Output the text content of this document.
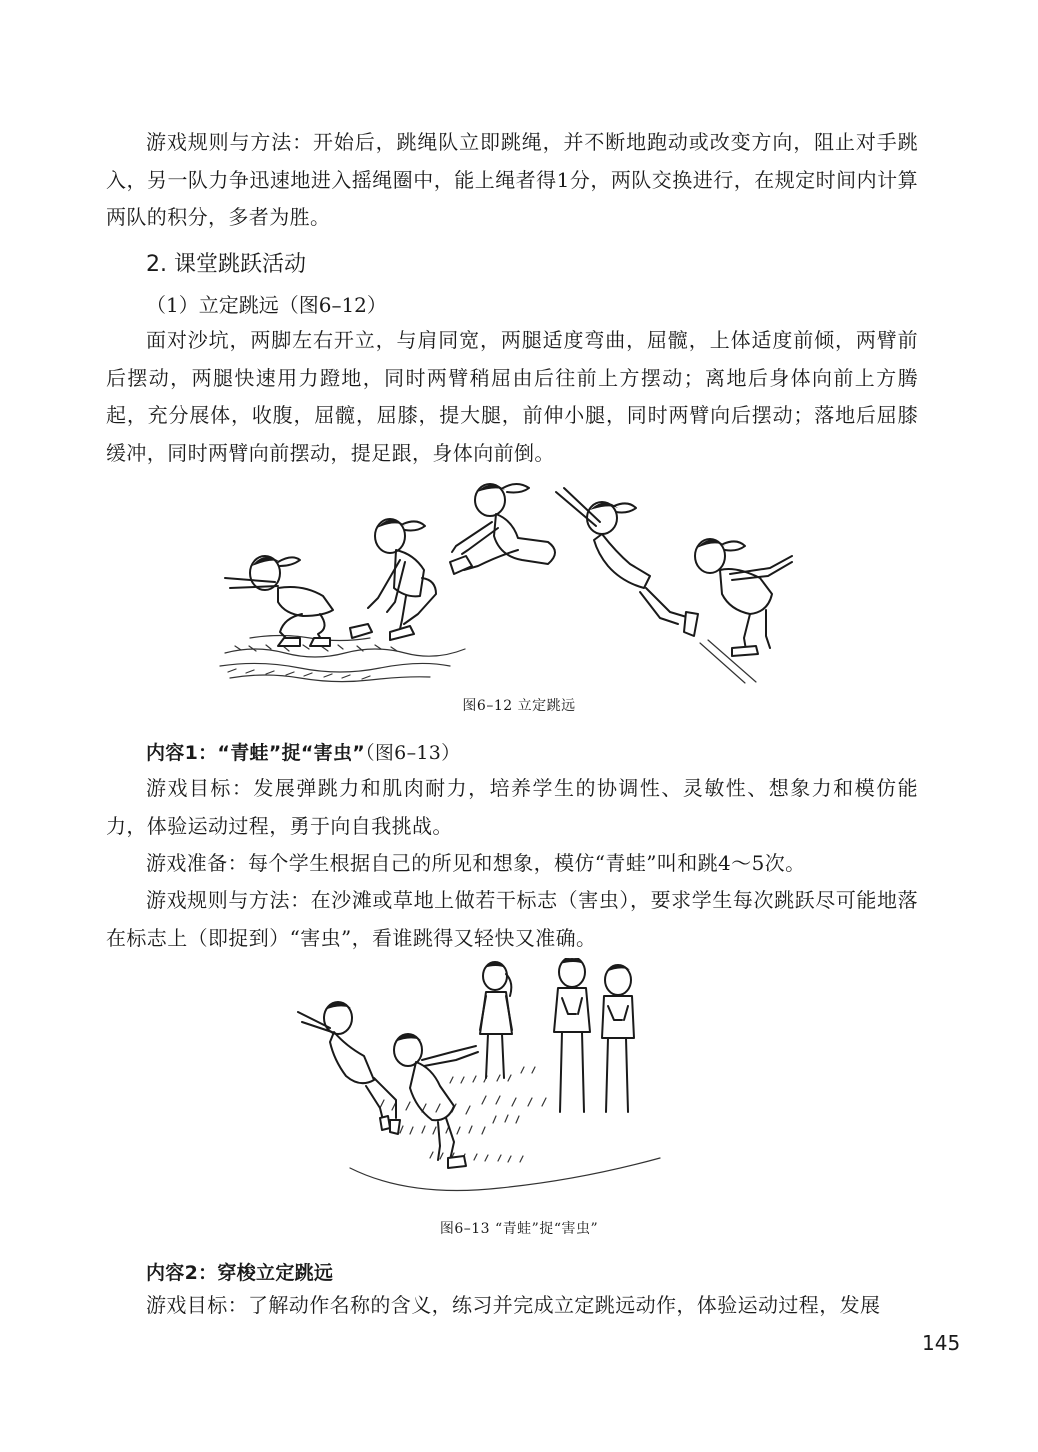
游戏规则与方法：开始后，跳绳队立即跳绳，并不断地跑动或改变方向，阻止对手跳入，另一队力争迅速地进入摇绳圈中，能上绳者得1分，两队交换进行，在规定时间内计算两队的积分，多者为胜。

2. 课堂跳跃活动

（1）立定跳远（图6–12）

面对沙坑，两脚左右开立，与肩同宽，两腿适度弯曲，屈髋，上体适度前倾，两臂前后摆动，两腿快速用力蹬地，同时两臂稍屈由后往前上方摆动；离地后身体向前上方腾起，充分展体，收腹，屈髋，屈膝，提大腿，前伸小腿，同时两臂向后摆动；落地后屈膝缓冲，同时两臂向前摆动，提足跟，身体向前倒。

图6–12 立定跳远

内容1：“青蛙”捉“害虫”（图6–13）

游戏目标：发展弹跳力和肌肉耐力，培养学生的协调性、灵敏性、想象力和模仿能力，体验运动过程，勇于向自我挑战。

游戏准备：每个学生根据自己的所见和想象，模仿“青蛙”叫和跳4～5次。

游戏规则与方法：在沙滩或草地上做若干标志（害虫），要求学生每次跳跃尽可能地落在标志上（即捉到）“害虫”，看谁跳得又轻快又准确。

图6–13 “青蛙”捉“害虫”

内容2：穿梭立定跳远

游戏目标：了解动作名称的含义，练习并完成立定跳远动作，体验运动过程，发展

145
